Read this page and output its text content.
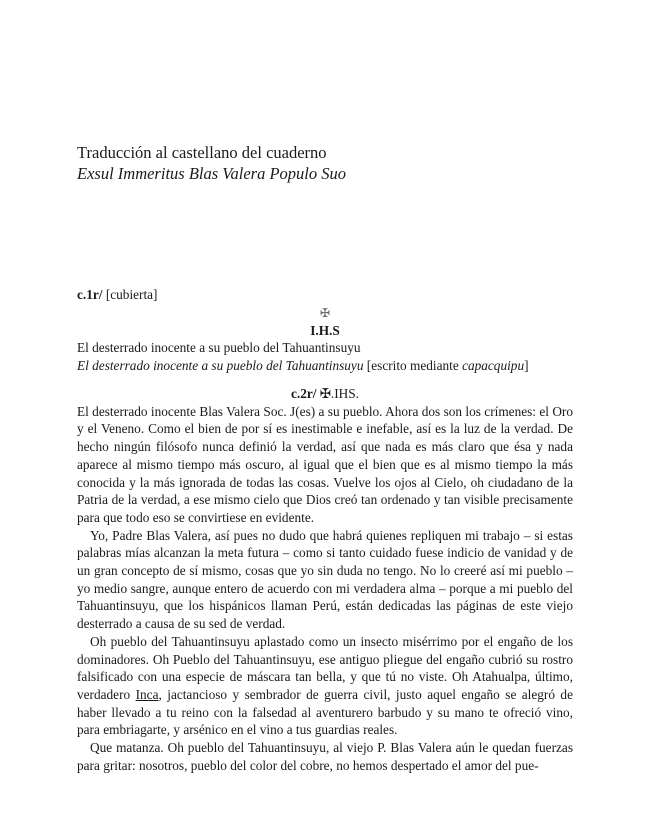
Traducción al castellano del cuaderno
Exsul Immeritus Blas Valera Populo Suo
c.1r/ [cubierta]
✠
I.H.S
El desterrado inocente a su pueblo del Tahuantinsuyu
El desterrado inocente a su pueblo del Tahuantinsuyu [escrito mediante capacquipu]
c.2r/ ✠.IHS.

El desterrado inocente Blas Valera Soc. J(es) a su pueblo. Ahora dos son los crímenes: el Oro y el Veneno. Como el bien de por sí es inestimable e inefable, así es la luz de la verdad. De hecho ningún filósofo nunca definió la verdad, así que nada es más claro que ésa y nada aparece al mismo tiempo más oscuro, al igual que el bien que es al mismo tiempo la más conocida y la más ignorada de todas las cosas. Vuelve los ojos al Cielo, oh ciudadano de la Patria de la verdad, a ese mismo cielo que Dios creó tan ordenado y tan visible precisamente para que todo eso se convirtiese en evidente.

Yo, Padre Blas Valera, así pues no dudo que habrá quienes repliquen mi trabajo – si estas palabras mías alcanzan la meta futura – como si tanto cuidado fuese indicio de vanidad y de un gran concepto de sí mismo, cosas que yo sin duda no tengo. No lo creeré así mi pueblo – yo medio sangre, aunque entero de acuerdo con mi verdadera alma – porque a mi pueblo del Tahuantinsuyu, que los hispánicos llaman Perú, están dedicadas las páginas de este viejo desterrado a causa de su sed de verdad.

Oh pueblo del Tahuantinsuyu aplastado como un insecto misérrimo por el engaño de los dominadores. Oh Pueblo del Tahuantinsuyu, ese antiguo pliegue del engaño cubrió su rostro falsificado con una especie de máscara tan bella, y que tú no viste. Oh Atahualpa, último, verdadero Inca, jactancioso y sembrador de guerra civil, justo aquel engaño se alegró de haber llevado a tu reino con la falsedad al aventurero barbudo y su mano te ofreció vino, para embriagarte, y arsénico en el vino a tus guardias reales.

Que matanza. Oh pueblo del Tahuantinsuyu, al viejo P. Blas Valera aún le quedan fuerzas para gritar: nosotros, pueblo del color del cobre, no hemos despertado el amor del pue-
